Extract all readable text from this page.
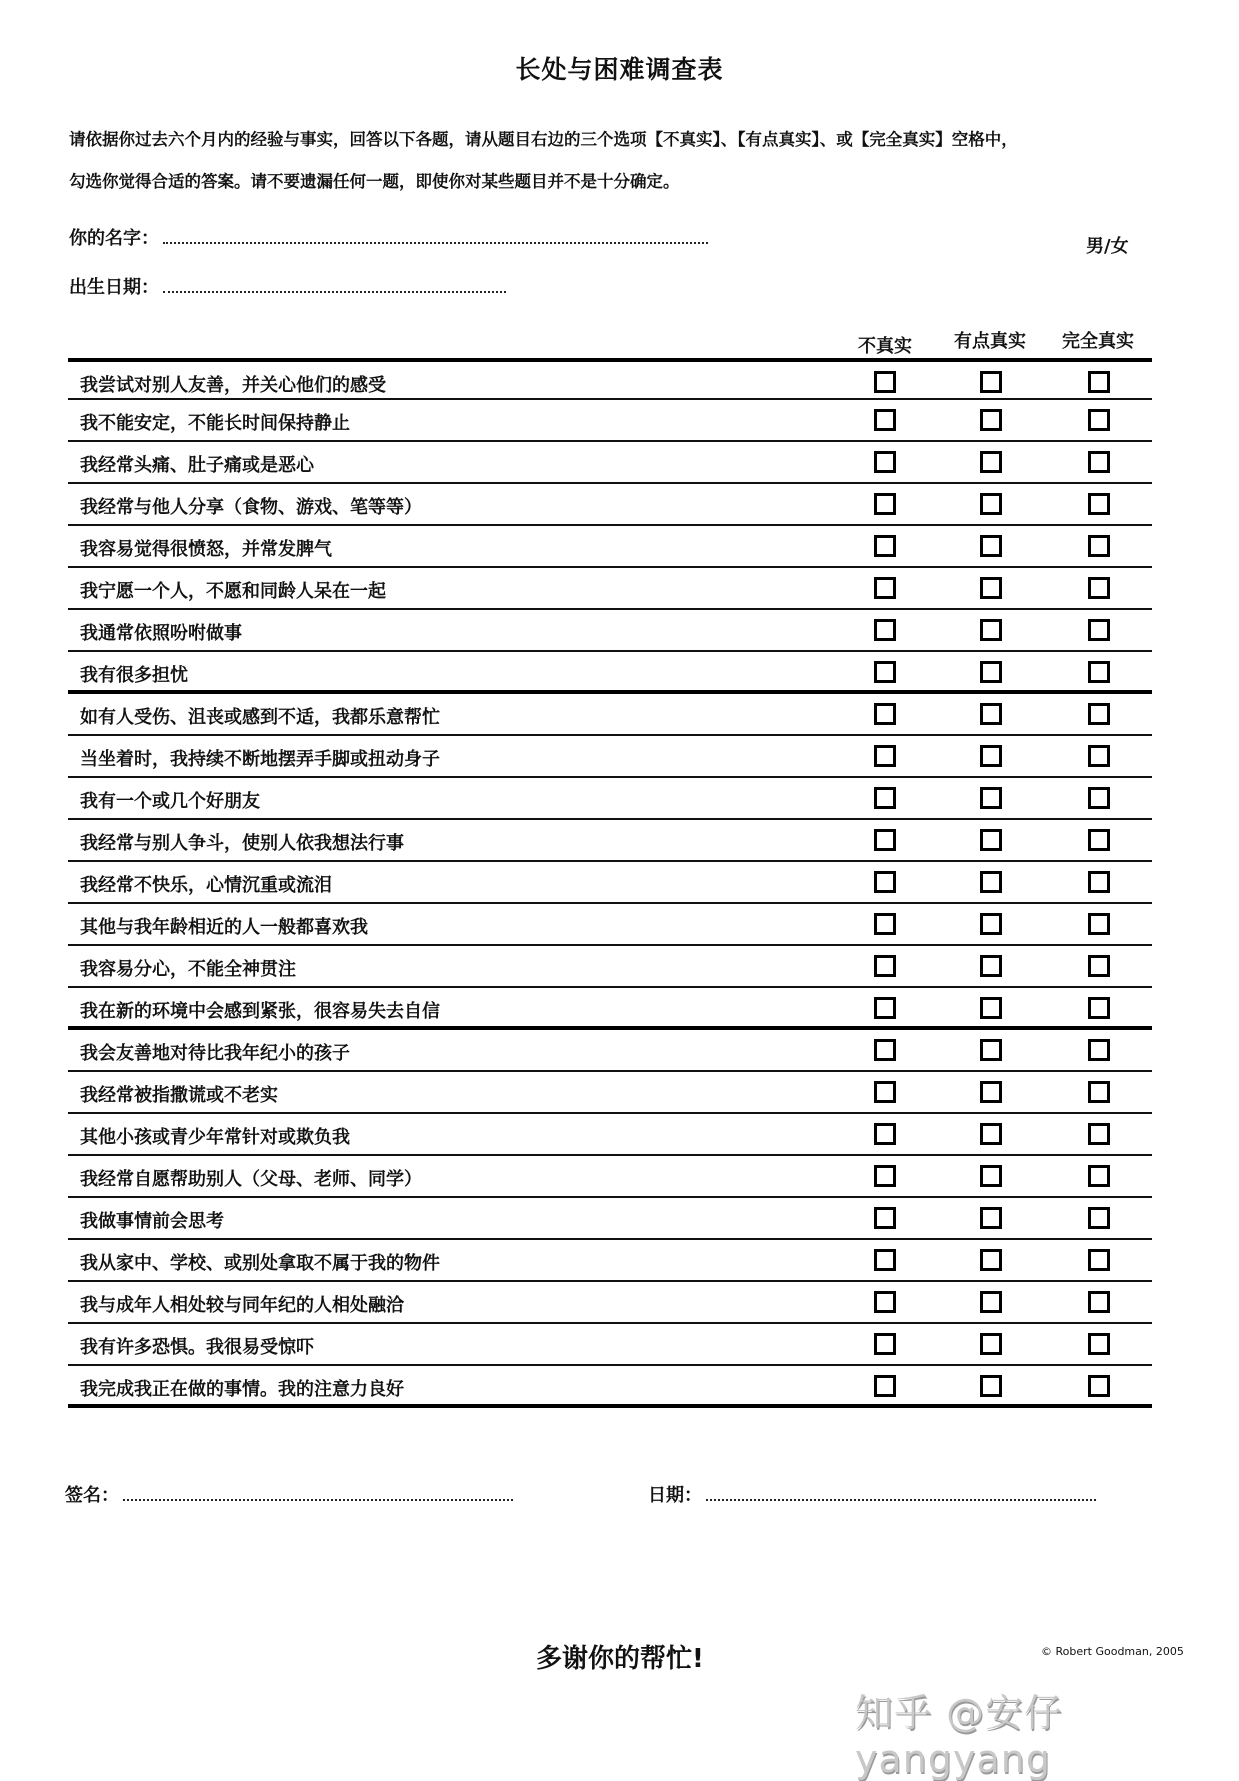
长处与困难调查表
请依据你过去六个月内的经验与事实，回答以下各题，请从题目右边的三个选项【不真实】、【有点真实】、或【完全真实】空格中，
勾选你觉得合适的答案。请不要遗漏任何一题，即使你对某些题目并不是十分确定。
你的名字：	男/女
出生日期：
不真实	有点真实	完全真实
我尝试对别人友善，并关心他们的感受
我不能安定，不能长时间保持静止
我经常头痛、肚子痛或是恶心
我经常与他人分享（食物、游戏、笔等等）
我容易觉得很愤怒，并常发脾气
我宁愿一个人，不愿和同龄人呆在一起
我通常依照吩咐做事
我有很多担忧
如有人受伤、沮丧或感到不适，我都乐意帮忙
当坐着时，我持续不断地摆弄手脚或扭动身子
我有一个或几个好朋友
我经常与别人争斗，使别人依我想法行事
我经常不快乐，心情沉重或流泪
其他与我年龄相近的人一般都喜欢我
我容易分心，不能全神贯注
我在新的环境中会感到紧张，很容易失去自信
我会友善地对待比我年纪小的孩子
我经常被指撒谎或不老实
其他小孩或青少年常针对或欺负我
我经常自愿帮助别人（父母、老师、同学）
我做事情前会思考
我从家中、学校、或别处拿取不属于我的物件
我与成年人相处较与同年纪的人相处融洽
我有许多恐惧。我很易受惊吓
我完成我正在做的事情。我的注意力良好
签名：	日期：
多谢你的帮忙!	© Robert Goodman, 2005
知乎 @安仔yangyang
